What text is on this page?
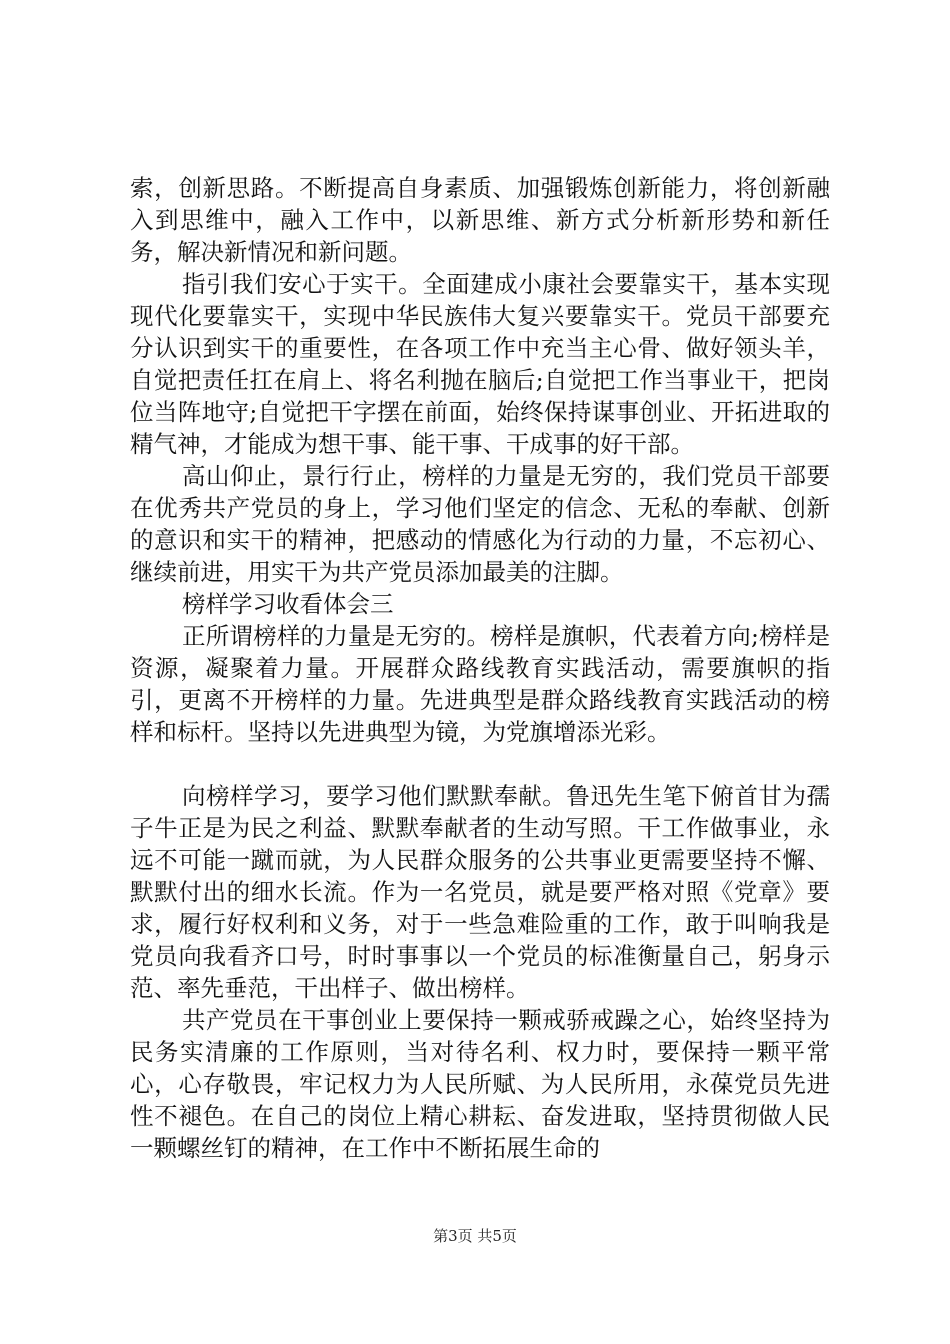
索，创新思路。不断提高自身素质、加强锻炼创新能力，将创新融入到思维中，融入工作中，以新思维、新方式分析新形势和新任务，解决新情况和新问题。

指引我们安心于实干。全面建成小康社会要靠实干，基本实现现代化要靠实干，实现中华民族伟大复兴要靠实干。党员干部要充分认识到实干的重要性，在各项工作中充当主心骨、做好领头羊，自觉把责任扛在肩上、将名利抛在脑后;自觉把工作当事业干，把岗位当阵地守;自觉把干字摆在前面，始终保持谋事创业、开拓进取的精气神，才能成为想干事、能干事、干成事的好干部。

高山仰止，景行行止，榜样的力量是无穷的，我们党员干部要在优秀共产党员的身上，学习他们坚定的信念、无私的奉献、创新的意识和实干的精神，把感动的情感化为行动的力量，不忘初心、继续前进，用实干为共产党员添加最美的注脚。

榜样学习收看体会三

正所谓榜样的力量是无穷的。榜样是旗帜，代表着方向;榜样是资源，凝聚着力量。开展群众路线教育实践活动，需要旗帜的指引，更离不开榜样的力量。先进典型是群众路线教育实践活动的榜样和标杆。坚持以先进典型为镜，为党旗增添光彩。

向榜样学习，要学习他们默默奉献。鲁迅先生笔下俯首甘为孺子牛正是为民之利益、默默奉献者的生动写照。干工作做事业，永远不可能一蹴而就，为人民群众服务的公共事业更需要坚持不懈、默默付出的细水长流。作为一名党员，就是要严格对照《党章》要求，履行好权利和义务，对于一些急难险重的工作，敢于叫响我是党员向我看齐口号，时时事事以一个党员的标准衡量自己，躬身示范、率先垂范，干出样子、做出榜样。

共产党员在干事创业上要保持一颗戒骄戒躁之心，始终坚持为民务实清廉的工作原则，当对待名利、权力时，要保持一颗平常心，心存敬畏，牢记权力为人民所赋、为人民所用，永葆党员先进性不褪色。在自己的岗位上精心耕耘、奋发进取，坚持贯彻做人民一颗螺丝钉的精神，在工作中不断拓展生命的

第3页 共5页
